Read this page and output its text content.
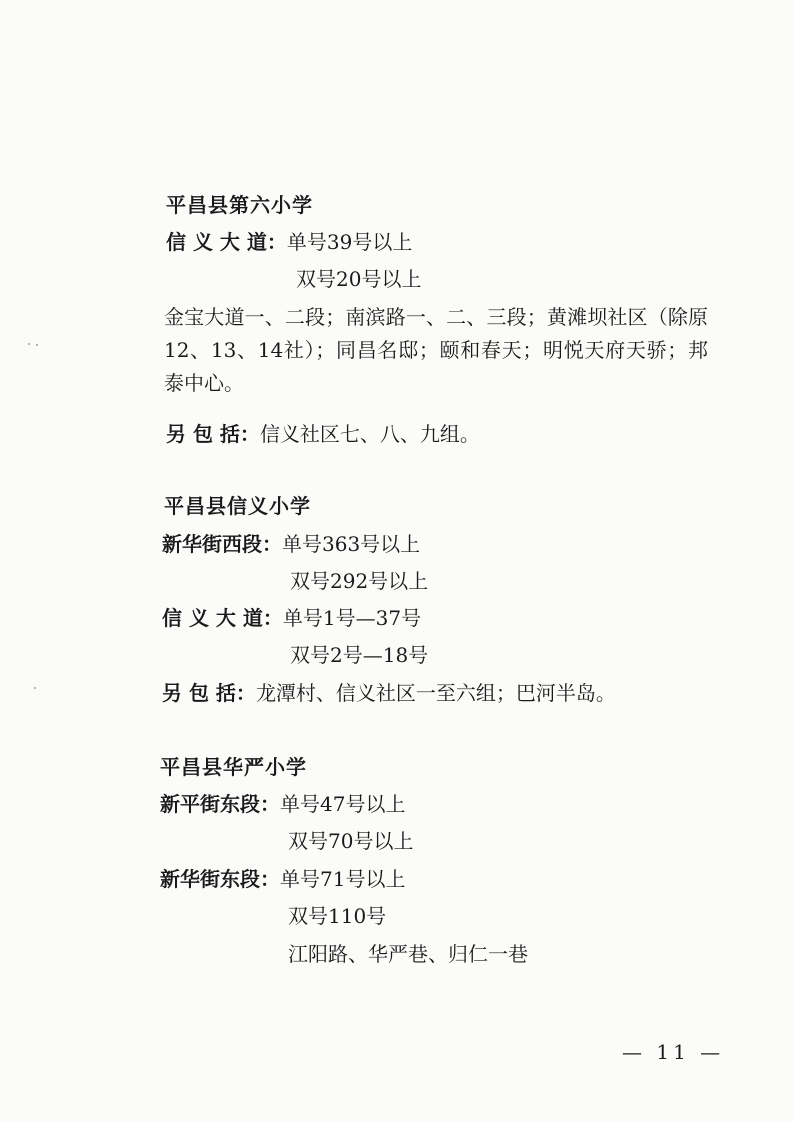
平昌县第六小学
信 义 大 道：单号39号以上
双号20号以上
金宝大道一、二段；南滨路一、二、三段；黄滩坝社区（除原12、13、14社）；同昌名邸；颐和春天；明悦天府天骄；邦泰中心。
另 包 括：信义社区七、八、九组。
平昌县信义小学
新华街西段：单号363号以上
双号292号以上
信 义 大 道：单号1号—37号
双号2号—18号
另 包 括：龙潭村、信义社区一至六组；巴河半岛。
平昌县华严小学
新平街东段：单号47号以上
双号70号以上
新华街东段：单号71号以上
双号110号
江阳路、华严巷、归仁一巷
— 11 —
